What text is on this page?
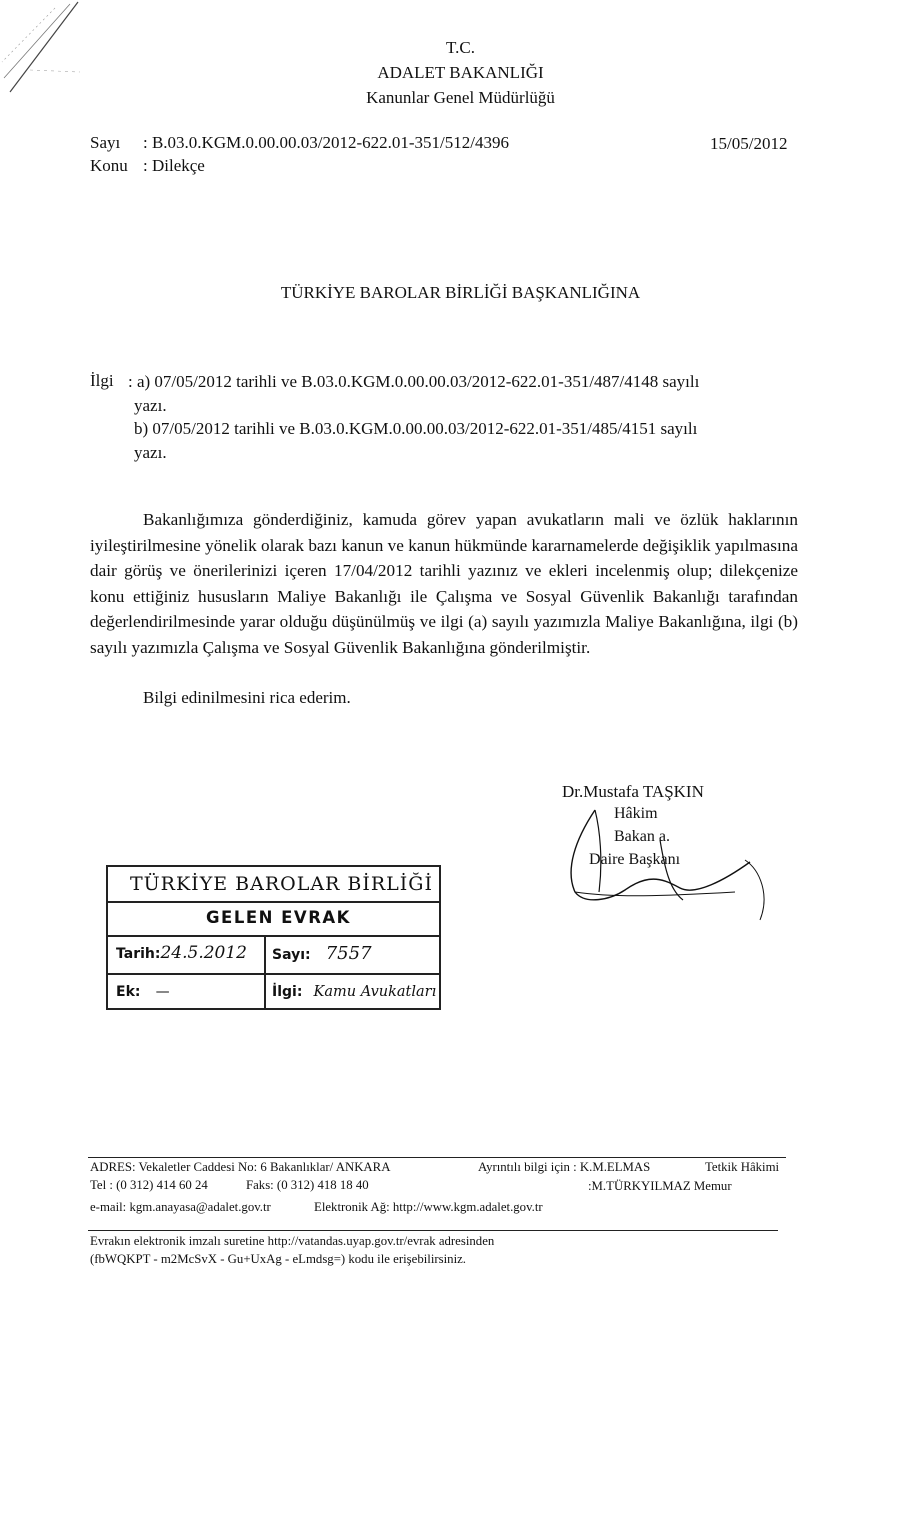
T.C.
ADALET BAKANLIĞI
Kanunlar Genel Müdürlüğü
Sayı : B.03.0.KGM.0.00.00.03/2012-622.01-351/512/4396	15/05/2012
Konu : Dilekçe
TÜRKİYE BAROLAR BİRLİĞİ BAŞKANLIĞINA
İlgi : a) 07/05/2012 tarihli ve B.03.0.KGM.0.00.00.03/2012-622.01-351/487/4148 sayılı
yazı.
b) 07/05/2012 tarihli ve B.03.0.KGM.0.00.00.03/2012-622.01-351/485/4151 sayılı
yazı.
Bakanlığımıza gönderdiğiniz, kamuda görev yapan avukatların mali ve özlük haklarının iyileştirilmesine yönelik olarak bazı kanun ve kanun hükmünde kararnamelerde değişiklik yapılmasına dair görüş ve önerilerinizi içeren 17/04/2012 tarihli yazınız ve ekleri incelenmiş olup; dilekçenize konu ettiğiniz hususların Maliye Bakanlığı ile Çalışma ve Sosyal Güvenlik Bakanlığı tarafından değerlendirilmesinde yarar olduğu düşünülmüş ve ilgi (a) sayılı yazımızla Maliye Bakanlığına, ilgi (b) sayılı yazımızla Çalışma ve Sosyal Güvenlik Bakanlığına gönderilmiştir.
Bilgi edinilmesini rica ederim.
Dr.Mustafa TAŞKIN
Hâkim
Bakan a.
Daire Başkanı
TÜRKİYE BAROLAR BİRLİĞİ
GELEN EVRAK
Tarih:24.5.2012	Sayı: 7557
Ek: —	İlgi: Kamu Avukatları
ADRES: Vekaletler Caddesi No: 6 Bakanlıklar/ ANKARA	Ayrıntılı bilgi için : K.M.ELMAS	Tetkik Hâkimi
Tel : (0 312) 414 60 24	Faks: (0 312) 418 18 40	:M.TÜRKYILMAZ Memur
e-mail: kgm.anayasa@adalet.gov.tr	Elektronik Ağ: http://www.kgm.adalet.gov.tr
Evrakın elektronik imzalı suretine http://vatandas.uyap.gov.tr/evrak adresinden
(fbWQKPT - m2McSvX - Gu+UxAg - eLmdsg=) kodu ile erişebilirsiniz.
